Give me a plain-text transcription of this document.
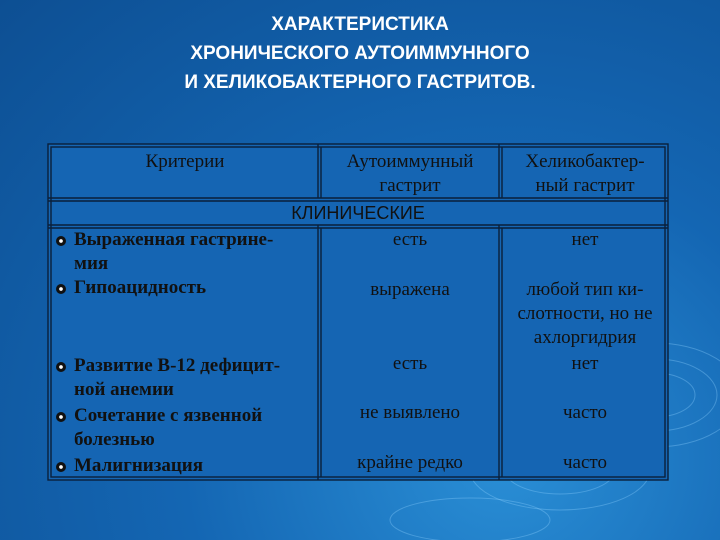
ХАРАКТЕРИСТИКА
ХРОНИЧЕСКОГО АУТОИММУННОГО
И ХЕЛИКОБАКТЕРНОГО ГАСТРИТОВ.
Критерии	Аутоиммунный
гастрит
Хеликобактер-
ный гастрит
КЛИНИЧЕСКИЕ
Выраженная гастрине-
мия
Гипоацидность
Развитие В-12 дефицит-
ной анемии
Сочетание с язвенной
болезнью
Малигнизация
есть
выражена
есть
не выявлено
крайне редко
нет
любой тип ки-
слотности, но не
ахлоргидрия
нет
часто
часто
